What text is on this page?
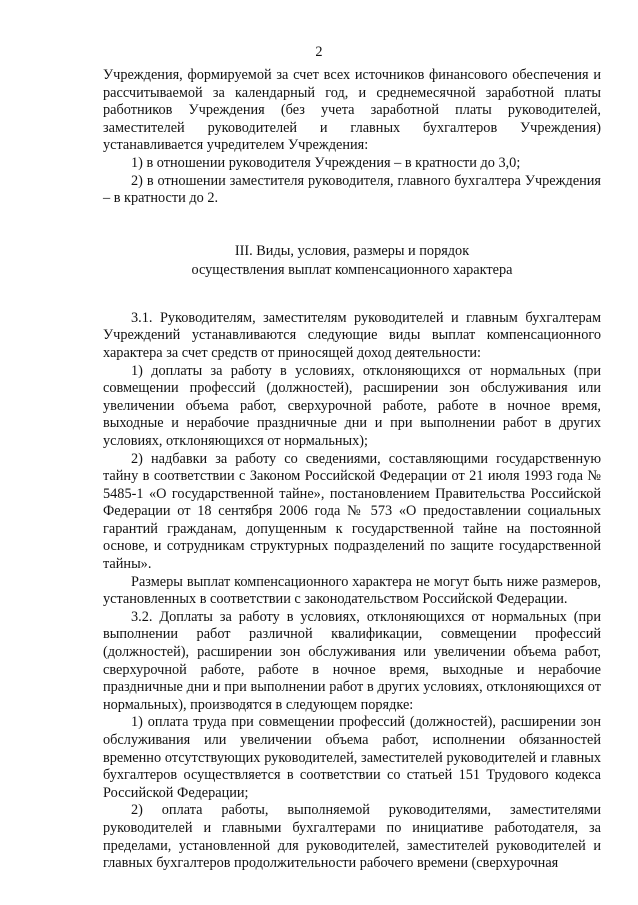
2

Учреждения, формируемой за счет всех источников финансового обеспечения и рассчитываемой за календарный год, и среднемесячной заработной платы работников Учреждения (без учета заработной платы руководителей, заместителей руководителей и главных бухгалтеров Учреждения) устанавливается учредителем Учреждения:

1) в отношении руководителя Учреждения – в кратности до 3,0;

2) в отношении заместителя руководителя, главного бухгалтера Учреждения – в кратности до 2.

III. Виды, условия, размеры и порядок
осуществления выплат компенсационного характера

3.1. Руководителям, заместителям руководителей и главным бухгалтерам Учреждений устанавливаются следующие виды выплат компенсационного характера за счет средств от приносящей доход деятельности:

1) доплаты за работу в условиях, отклоняющихся от нормальных (при совмещении профессий (должностей), расширении зон обслуживания или увеличении объема работ, сверхурочной работе, работе в ночное время, выходные и нерабочие праздничные дни и при выполнении работ в других условиях, отклоняющихся от нормальных);

2) надбавки за работу со сведениями, составляющими государственную тайну в соответствии с Законом Российской Федерации от 21 июля 1993 года № 5485-1 «О государственной тайне», постановлением Правительства Российской Федерации от 18 сентября 2006 года № 573 «О предоставлении социальных гарантий гражданам, допущенным к государственной тайне на постоянной основе, и сотрудникам структурных подразделений по защите государственной тайны».

Размеры выплат компенсационного характера не могут быть ниже размеров, установленных в соответствии с законодательством Российской Федерации.

3.2. Доплаты за работу в условиях, отклоняющихся от нормальных (при выполнении работ различной квалификации, совмещении профессий (должностей), расширении зон обслуживания или увеличении объема работ, сверхурочной работе, работе в ночное время, выходные и нерабочие праздничные дни и при выполнении работ в других условиях, отклоняющихся от нормальных), производятся в следующем порядке:

1) оплата труда при совмещении профессий (должностей), расширении зон обслуживания или увеличении объема работ, исполнении обязанностей временно отсутствующих руководителей, заместителей руководителей и главных бухгалтеров осуществляется в соответствии со статьей 151 Трудового кодекса Российской Федерации;

2) оплата работы, выполняемой руководителями, заместителями руководителей и главными бухгалтерами по инициативе работодателя, за пределами, установленной для руководителей, заместителей руководителей и главных бухгалтеров продолжительности рабочего времени (сверхурочная
